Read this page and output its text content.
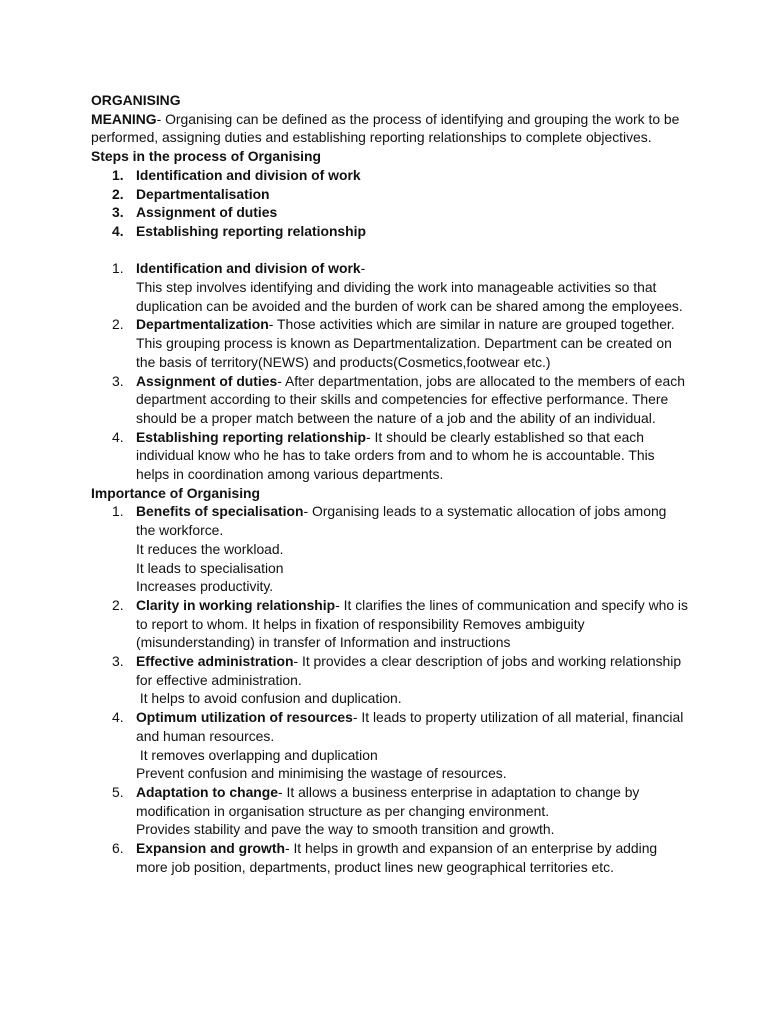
ORGANISING

MEANING- Organising can be defined as the process of identifying and grouping the work to be performed, assigning duties and establishing reporting relationships to complete objectives.

Steps in the process of Organising

1. Identification and division of work
2. Departmentalisation
3. Assignment of duties
4. Establishing reporting relationship
1. Identification and division of work-
This step involves identifying and dividing the work into manageable activities so that duplication can be avoided and the burden of work can be shared among the employees.
2. Departmentalization- Those activities which are similar in nature are grouped together. This grouping process is known as Departmentalization. Department can be created on the basis of territory(NEWS) and products(Cosmetics,footwear etc.)
3. Assignment of duties- After departmentation, jobs are allocated to the members of each department according to their skills and competencies for effective performance. There should be a proper match between the nature of a job and the ability of an individual.
4. Establishing reporting relationship- It should be clearly established so that each individual know who he has to take orders from and to whom he is accountable. This helps in coordination among various departments.

Importance of Organising

1. Benefits of specialisation- Organising leads to a systematic allocation of jobs among the workforce.
It reduces the workload.
It leads to specialisation
Increases productivity.
2. Clarity in working relationship- It clarifies the lines of communication and specify who is to report to whom. It helps in fixation of responsibility Removes ambiguity (misunderstanding) in transfer of Information and instructions
3. Effective administration- It provides a clear description of jobs and working relationship for effective administration.
It helps to avoid confusion and duplication.
4. Optimum utilization of resources- It leads to property utilization of all material, financial and human resources.
It removes overlapping and duplication
Prevent confusion and minimising the wastage of resources.
5. Adaptation to change- It allows a business enterprise in adaptation to change by modification in organisation structure as per changing environment.
Provides stability and pave the way to smooth transition and growth.
6. Expansion and growth- It helps in growth and expansion of an enterprise by adding more job position, departments, product lines new geographical territories etc.
